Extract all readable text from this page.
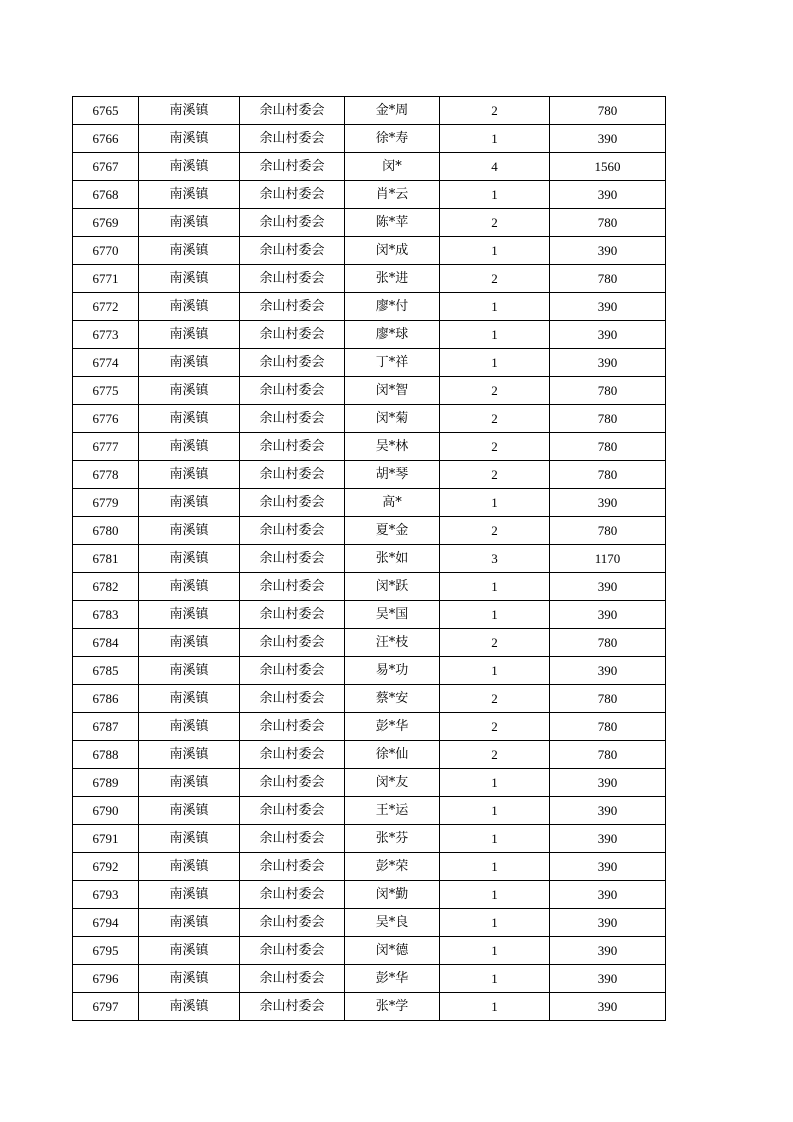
6765	南溪镇	余山村委会	金*周	2	780
6766	南溪镇	余山村委会	徐*寿	1	390
6767	南溪镇	余山村委会	闵*	4	1560
6768	南溪镇	余山村委会	肖*云	1	390
6769	南溪镇	余山村委会	陈*苹	2	780
6770	南溪镇	余山村委会	闵*成	1	390
6771	南溪镇	余山村委会	张*进	2	780
6772	南溪镇	余山村委会	廖*付	1	390
6773	南溪镇	余山村委会	廖*球	1	390
6774	南溪镇	余山村委会	丁*祥	1	390
6775	南溪镇	余山村委会	闵*智	2	780
6776	南溪镇	余山村委会	闵*菊	2	780
6777	南溪镇	余山村委会	吴*林	2	780
6778	南溪镇	余山村委会	胡*琴	2	780
6779	南溪镇	余山村委会	高*	1	390
6780	南溪镇	余山村委会	夏*金	2	780
6781	南溪镇	余山村委会	张*如	3	1170
6782	南溪镇	余山村委会	闵*跃	1	390
6783	南溪镇	余山村委会	吴*国	1	390
6784	南溪镇	余山村委会	汪*枝	2	780
6785	南溪镇	余山村委会	易*功	1	390
6786	南溪镇	余山村委会	蔡*安	2	780
6787	南溪镇	余山村委会	彭*华	2	780
6788	南溪镇	余山村委会	徐*仙	2	780
6789	南溪镇	余山村委会	闵*友	1	390
6790	南溪镇	余山村委会	王*运	1	390
6791	南溪镇	余山村委会	张*芬	1	390
6792	南溪镇	余山村委会	彭*荣	1	390
6793	南溪镇	余山村委会	闵*勤	1	390
6794	南溪镇	余山村委会	吴*良	1	390
6795	南溪镇	余山村委会	闵*德	1	390
6796	南溪镇	余山村委会	彭*华	1	390
6797	南溪镇	余山村委会	张*学	1	390
